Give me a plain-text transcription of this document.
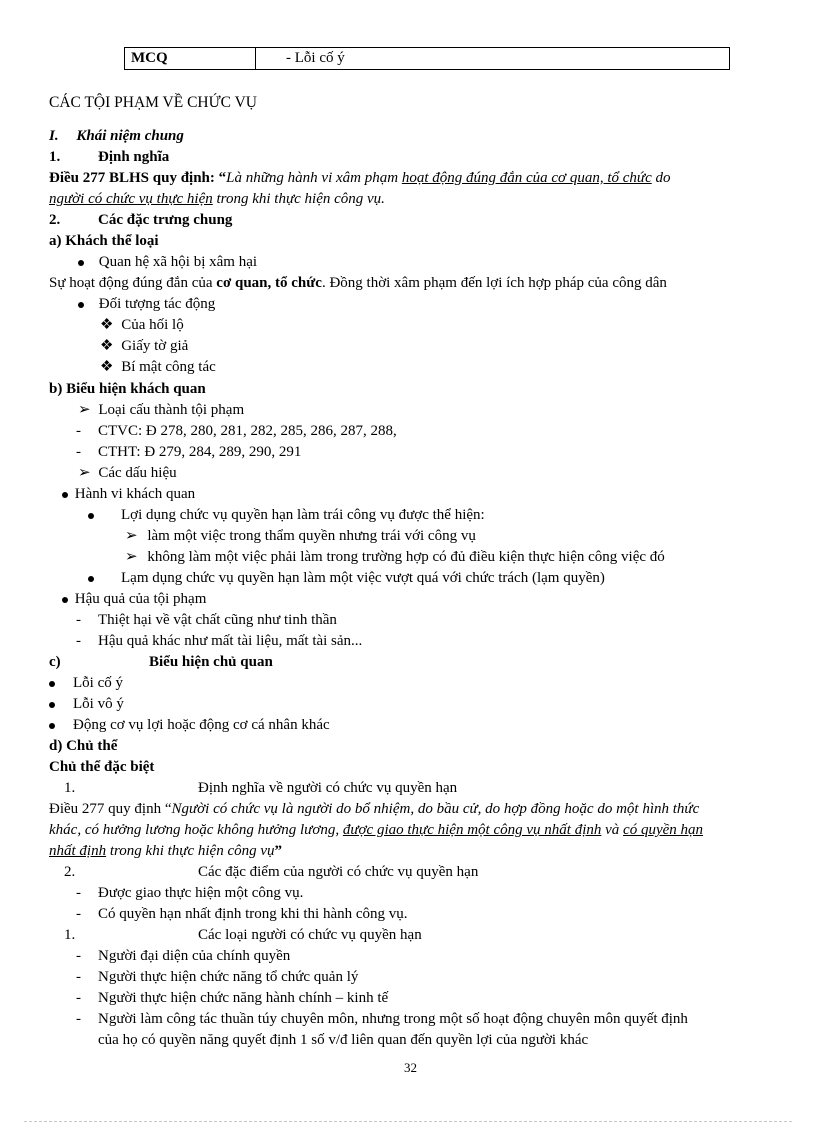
MCQ	- Lỗi cố ý
CÁC TỘI PHẠM VỀ CHỨC VỤ
I. Khái niệm chung
1.	Định nghĩa
Điều 277 BLHS quy định: “Là những hành vi xâm phạm hoạt động đúng đắn của cơ quan, tổ chức do
người có chức vụ thực hiện trong khi thực hiện công vụ.
2.	Các đặc trưng chung
a) Khách thể loại
Quan hệ xã hội bị xâm hại
Sự hoạt động đúng đắn của cơ quan, tổ chức. Đồng thời xâm phạm đến lợi ích hợp pháp của công dân
Đối tượng tác động
❖ Của hối lộ
❖ Giấy tờ giả
❖ Bí mật công tác
b) Biểu hiện khách quan
➢ Loại cấu thành tội phạm
- CTVC: Đ 278, 280, 281, 282, 285, 286, 287, 288,
- CTHT: Đ 279, 284, 289, 290, 291
➢ Các dấu hiệu
Hành vi khách quan
Lợi dụng chức vụ quyền hạn làm trái công vụ được thể hiện:
➢ làm một việc trong thẩm quyền nhưng trái với công vụ
➢ không làm một việc phải làm trong trường hợp có đủ điều kiện thực hiện công việc đó
Lạm dụng chức vụ quyền hạn làm một việc vượt quá với chức trách (lạm quyền)
Hậu quả của tội phạm
- Thiệt hại về vật chất cũng như tinh thần
- Hậu quả khác như mất tài liệu, mất tài sản...
c)	Biểu hiện chủ quan
Lỗi cố ý
Lỗi vô ý
Động cơ vụ lợi hoặc động cơ cá nhân khác
d) Chủ thể
Chủ thể đặc biệt
1.	Định nghĩa về người có chức vụ quyền hạn
Điều 277 quy định “Người có chức vụ là người do bổ nhiệm, do bầu cử, do hợp đồng hoặc do một hình thức
khác, có hưởng lương hoặc không hưởng lương, được giao thực hiện một công vụ nhất định và có quyền hạn
nhất định trong khi thực hiện công vụ”
2.	Các đặc điểm của người có chức vụ quyền hạn
- Được giao thực hiện một công vụ.
- Có quyền hạn nhất định trong khi thi hành công vụ.
1.	Các loại người có chức vụ quyền hạn
- Người đại diện của chính quyền
- Người thực hiện chức năng tổ chức quản lý
- Người thực hiện chức năng hành chính – kinh tế
- Người làm công tác thuần túy chuyên môn, nhưng trong một số hoạt động chuyên môn quyết định
của họ có quyền năng quyết định 1 số v/đ liên quan đến quyền lợi của người khác
32
